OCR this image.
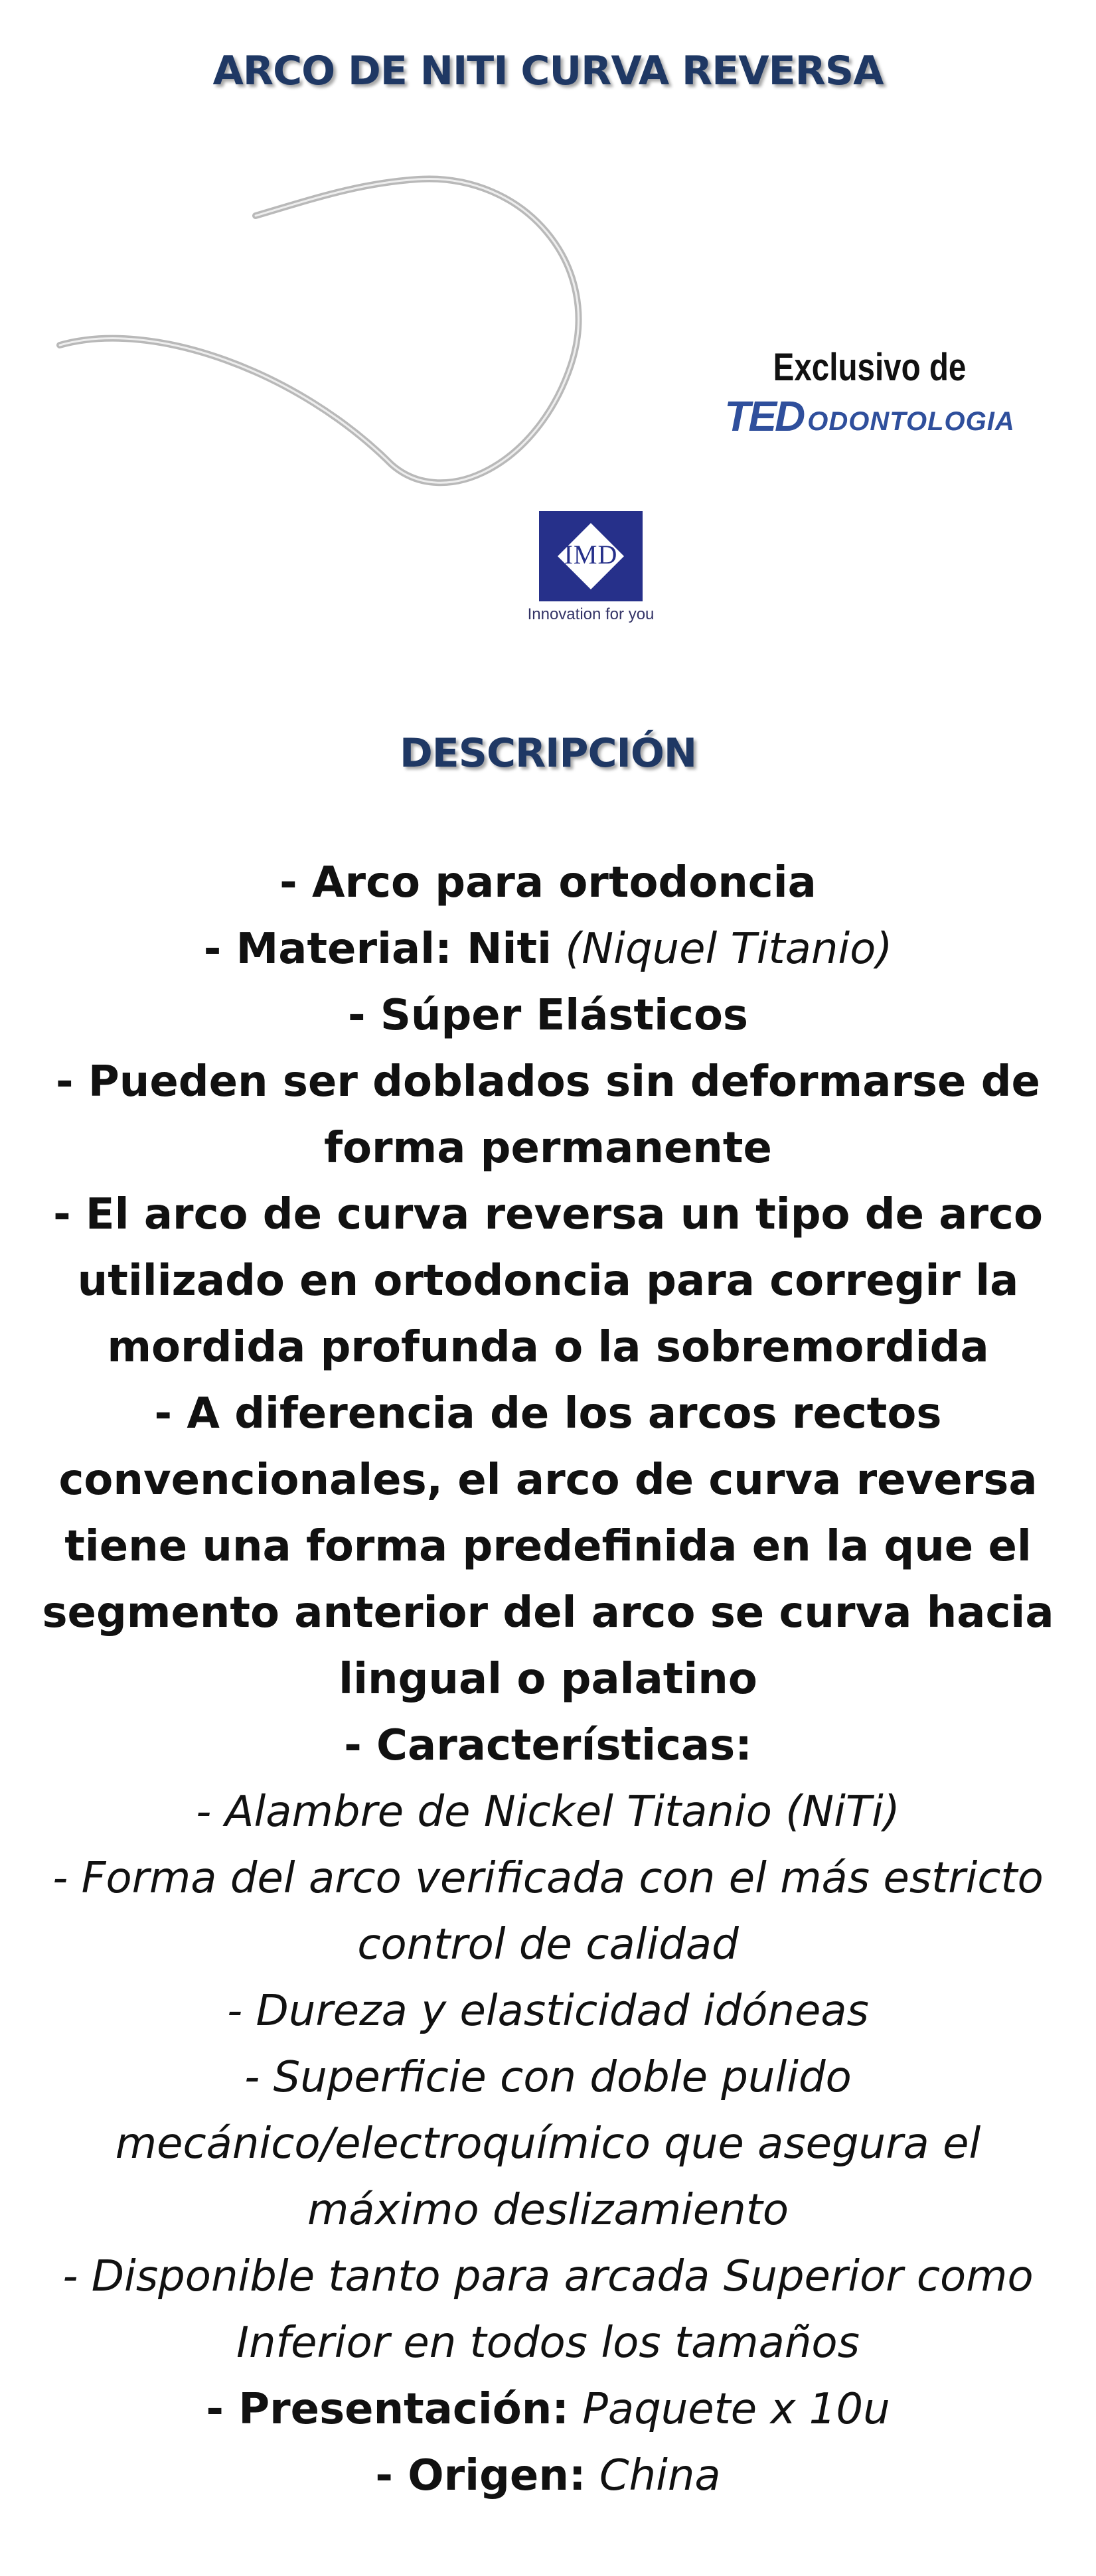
ARCO DE NITI CURVA REVERSA
Exclusivo de
TED ODONTOLOGIA
IMD
Innovation for you
DESCRIPCIÓN
- Arco para ortodoncia
- Material: Niti (Niquel Titanio)
- Súper Elásticos
- Pueden ser doblados sin deformarse de
forma permanente
- El arco de curva reversa un tipo de arco
utilizado en ortodoncia para corregir la
mordida profunda o la sobremordida
- A diferencia de los arcos rectos
convencionales, el arco de curva reversa
tiene una forma predefinida en la que el
segmento anterior del arco se curva hacia
lingual o palatino
- Características:
- Alambre de Nickel Titanio (NiTi)
- Forma del arco verificada con el más estricto
control de calidad
- Dureza y elasticidad idóneas
- Superficie con doble pulido
mecánico/electroquímico que asegura el
máximo deslizamiento
- Disponible tanto para arcada Superior como
Inferior en todos los tamaños
- Presentación: Paquete x 10u
- Origen: China
